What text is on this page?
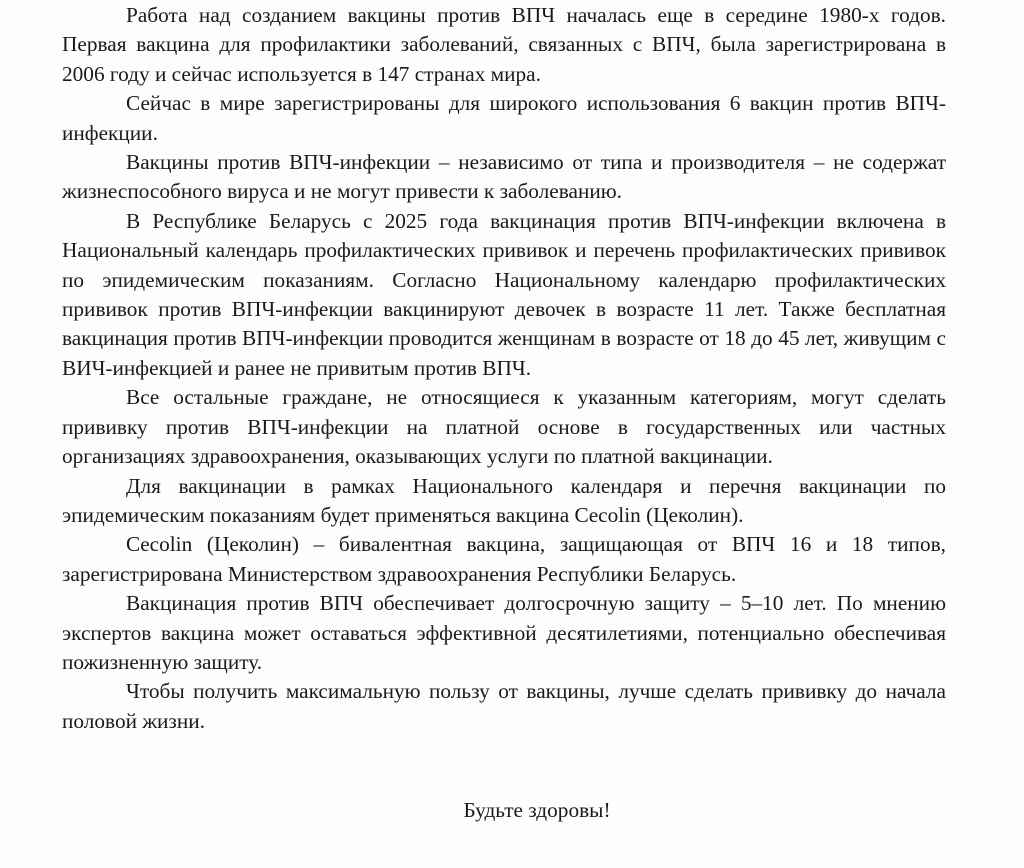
Работа над созданием вакцины против ВПЧ началась еще в середине 1980-х годов. Первая вакцина для профилактики заболеваний, связанных с ВПЧ, была зарегистрирована в 2006 году и сейчас используется в 147 странах мира.

Сейчас в мире зарегистрированы для широкого использования 6 вакцин против ВПЧ-инфекции.

Вакцины против ВПЧ-инфекции – независимо от типа и производителя – не содержат жизнеспособного вируса и не могут привести к заболеванию.

В Республике Беларусь с 2025 года вакцинация против ВПЧ-инфекции включена в Национальный календарь профилактических прививок и перечень профилактических прививок по эпидемическим показаниям. Согласно Национальному календарю профилактических прививок против ВПЧ-инфекции вакцинируют девочек в возрасте 11 лет. Также бесплатная вакцинация против ВПЧ-инфекции проводится женщинам в возрасте от 18 до 45 лет, живущим с ВИЧ-инфекцией и ранее не привитым против ВПЧ.

Все остальные граждане, не относящиеся к указанным категориям, могут сделать прививку против ВПЧ-инфекции на платной основе в государственных или частных организациях здравоохранения, оказывающих услуги по платной вакцинации.

Для вакцинации в рамках Национального календаря и перечня вакцинации по эпидемическим показаниям будет применяться вакцина Cecolin (Цеколин).

Cecolin (Цеколин) – бивалентная вакцина, защищающая от ВПЧ 16 и 18 типов, зарегистрирована Министерством здравоохранения Республики Беларусь.

Вакцинация против ВПЧ обеспечивает долгосрочную защиту – 5–10 лет. По мнению экспертов вакцина может оставаться эффективной десятилетиями, потенциально обеспечивая пожизненную защиту.

Чтобы получить максимальную пользу от вакцины, лучше сделать прививку до начала половой жизни.

Будьте здоровы!
